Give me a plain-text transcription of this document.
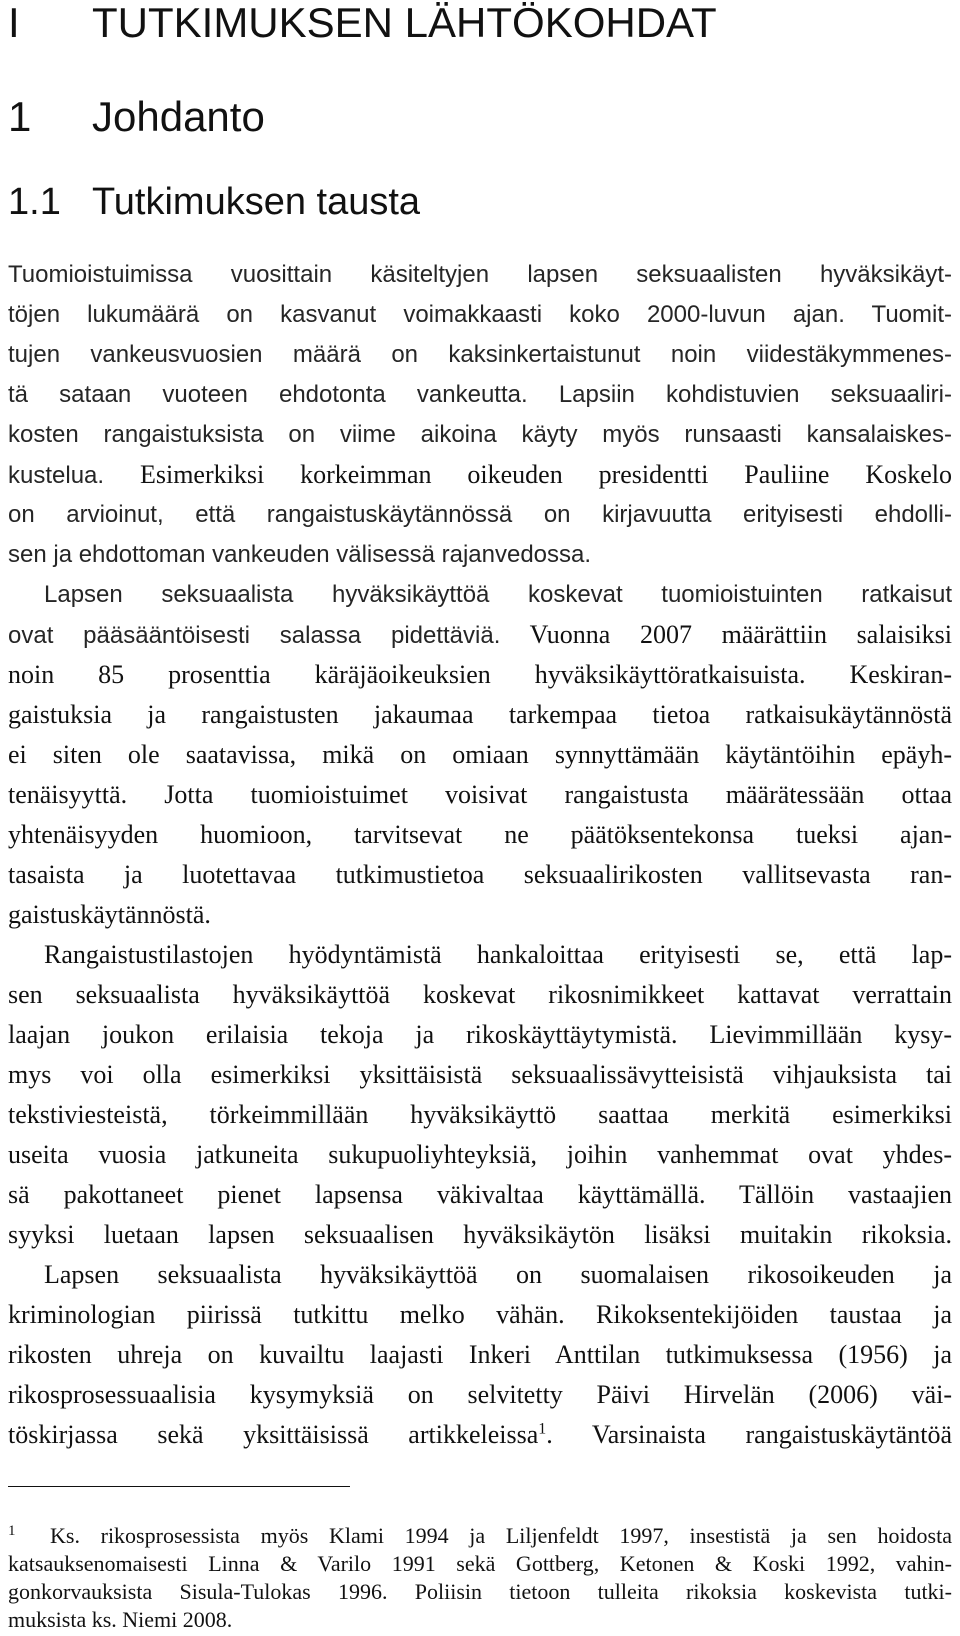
I TUTKIMUKSEN LÄHTÖKOHDAT
1 Johdanto
1.1 Tutkimuksen tausta
Tuomioistuimissa vuosittain käsiteltyjen lapsen seksuaalisten hyväksikäyt-
töjen lukumäärä on kasvanut voimakkaasti koko 2000-luvun ajan. Tuomit-
tujen vankeusvuosien määrä on kaksinkertaistunut noin viidestäkymmenes-
tä sataan vuoteen ehdotonta vankeutta. Lapsiin kohdistuvien seksuaaliri-
kosten rangaistuksista on viime aikoina käyty myös runsaasti kansalaiskes-
kustelua. Esimerkiksi korkeimman oikeuden presidentti Pauliine Koskelo
on arvioinut, että rangaistuskäytännössä on kirjavuutta erityisesti ehdolli-
sen ja ehdottoman vankeuden välisessä rajanvedossa.
Lapsen seksuaalista hyväksikäyttöä koskevat tuomioistuinten ratkaisut
ovat pääsääntöisesti salassa pidettäviä. Vuonna 2007 määrättiin salaisiksi
noin 85 prosenttia käräjäoikeuksien hyväksikäyttöratkaisuista. Keskiran-
gaistuksia ja rangaistusten jakaumaa tarkempaa tietoa ratkaisukäytännöstä
ei siten ole saatavissa, mikä on omiaan synnyttämään käytäntöihin epäyh-
tenäisyyttä. Jotta tuomioistuimet voisivat rangaistusta määrätessään ottaa
yhtenäisyyden huomioon, tarvitsevat ne päätöksentekonsa tueksi ajan-
tasaista ja luotettavaa tutkimustietoa seksuaalirikosten vallitsevasta ran-
gaistuskäytännöstä.
Rangaistustilastojen hyödyntämistä hankaloittaa erityisesti se, että lap-
sen seksuaalista hyväksikäyttöä koskevat rikosnimikkeet kattavat verrattain
laajan joukon erilaisia tekoja ja rikoskäyttäytymistä. Lievimmillään kysy-
mys voi olla esimerkiksi yksittäisistä seksuaalissävytteisistä vihjauksista tai
tekstiviesteistä, törkeimmillään hyväksikäyttö saattaa merkitä esimerkiksi
useita vuosia jatkuneita sukupuoliyhteyksiä, joihin vanhemmat ovat yhdes-
sä pakottaneet pienet lapsensa väkivaltaa käyttämällä. Tällöin vastaajien
syyksi luetaan lapsen seksuaalisen hyväksikäytön lisäksi muitakin rikoksia.
Lapsen seksuaalista hyväksikäyttöä on suomalaisen rikosoikeuden ja
kriminologian piirissä tutkittu melko vähän. Rikoksentekijöiden taustaa ja
rikosten uhreja on kuvailtu laajasti Inkeri Anttilan tutkimuksessa (1956) ja
rikosprosessuaalisia kysymyksiä on selvitetty Päivi Hirvelän (2006) väi-
töskirjassa sekä yksittäisissä artikkeleissa$^1$. Varsinaista rangaistuskäytäntöä
1 Ks. rikosprosessista myös Klami 1994 ja Liljenfeldt 1997, insestistä ja sen hoidosta
katsauksenomaisesti Linna & Varilo 1991 sekä Gottberg, Ketonen & Koski 1992, vahin-
gonkorvauksista Sisula-Tulokas 1996. Poliisin tietoon tulleita rikoksia koskevista tutki-
muksista ks. Niemi 2008.
